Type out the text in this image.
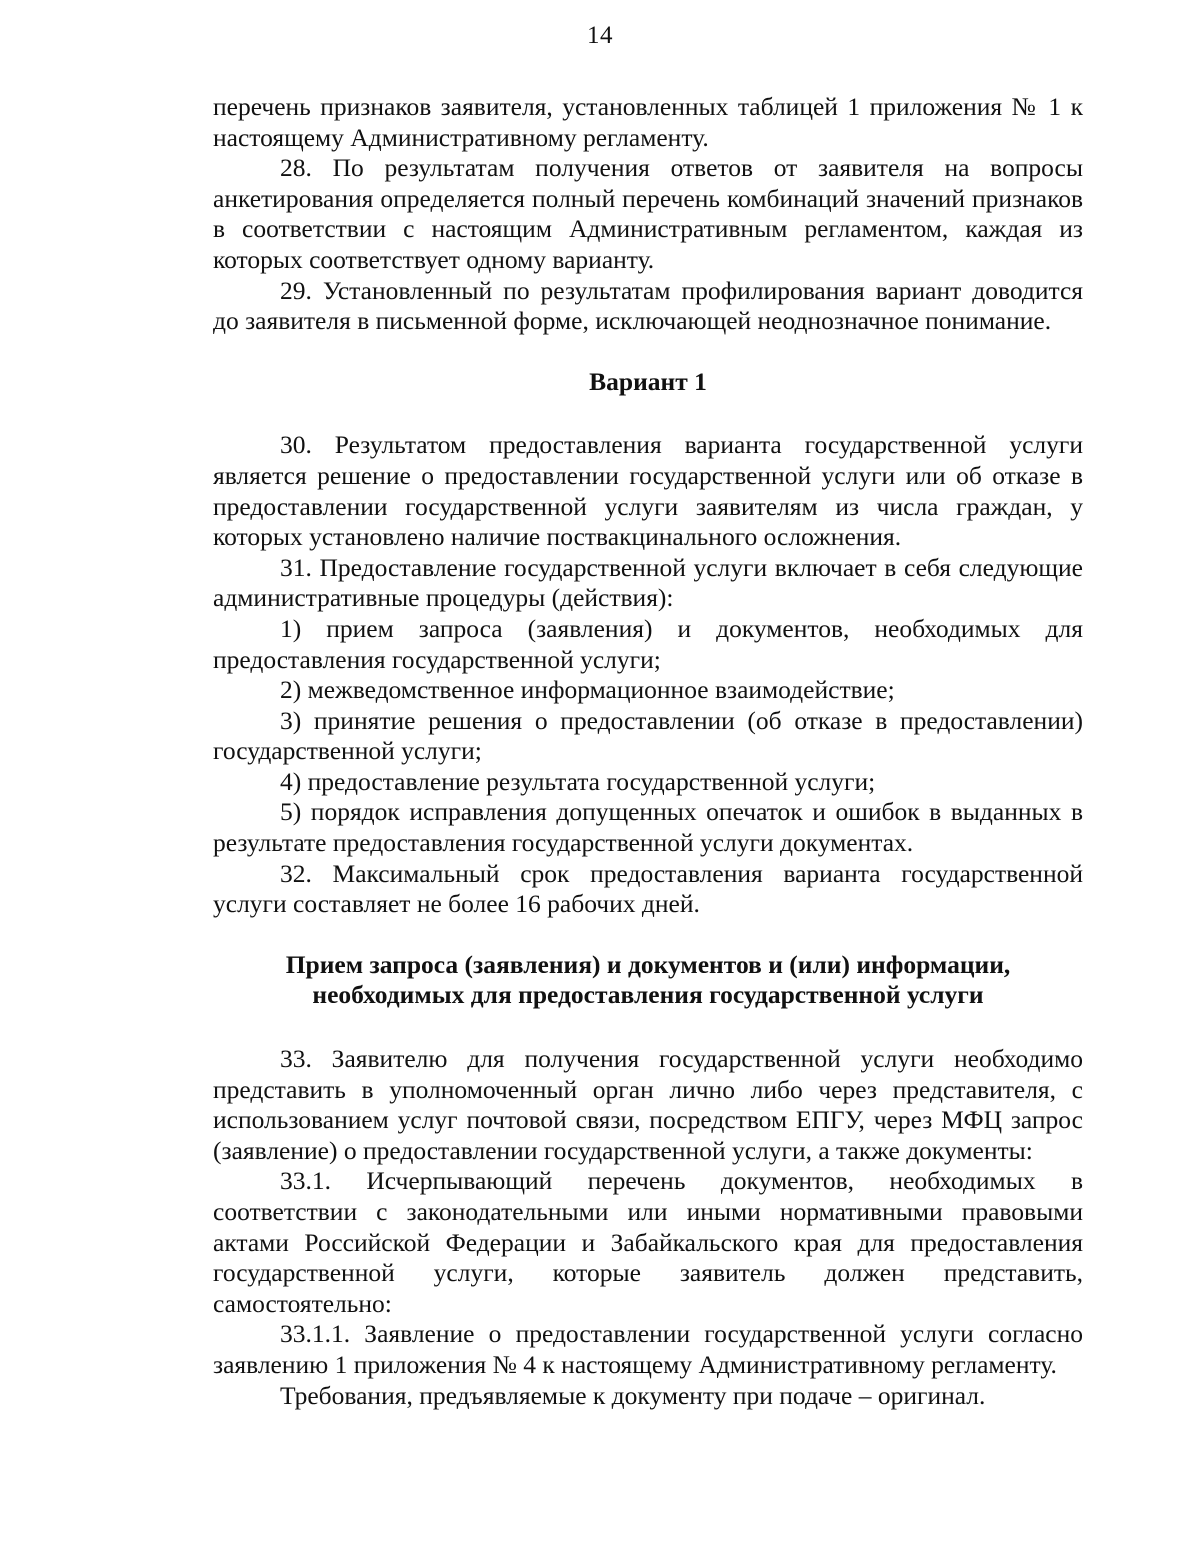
14

перечень признаков заявителя, установленных таблицей 1 приложения № 1 к настоящему Административному регламенту.

28. По результатам получения ответов от заявителя на вопросы анкетирования определяется полный перечень комбинаций значений признаков в соответствии с настоящим Административным регламентом, каждая из которых соответствует одному варианту.

29. Установленный по результатам профилирования вариант доводится до заявителя в письменной форме, исключающей неоднозначное понимание.

Вариант 1

30. Результатом предоставления варианта государственной услуги является решение о предоставлении государственной услуги или об отказе в предоставлении государственной услуги заявителям из числа граждан, у которых установлено наличие поствакцинального осложнения.

31. Предоставление государственной услуги включает в себя следующие административные процедуры (действия):

1) прием запроса (заявления) и документов, необходимых для предоставления государственной услуги;

2) межведомственное информационное взаимодействие;

3) принятие решения о предоставлении (об отказе в предоставлении) государственной услуги;

4) предоставление результата государственной услуги;

5) порядок исправления допущенных опечаток и ошибок в выданных в результате предоставления государственной услуги документах.

32. Максимальный срок предоставления варианта государственной услуги составляет не более 16 рабочих дней.

Прием запроса (заявления) и документов и (или) информации,

необходимых для предоставления государственной услуги

33. Заявителю для получения государственной услуги необходимо представить в уполномоченный орган лично либо через представителя, с использованием услуг почтовой связи, посредством ЕПГУ, через МФЦ запрос (заявление) о предоставлении государственной услуги, а также документы:

33.1. Исчерпывающий перечень документов, необходимых в соответствии с законодательными или иными нормативными правовыми актами Российской Федерации и Забайкальского края для предоставления государственной услуги, которые заявитель должен представить, самостоятельно:

33.1.1. Заявление о предоставлении государственной услуги согласно заявлению 1 приложения № 4 к настоящему Административному регламенту.

Требования, предъявляемые к документу при подаче – оригинал.
